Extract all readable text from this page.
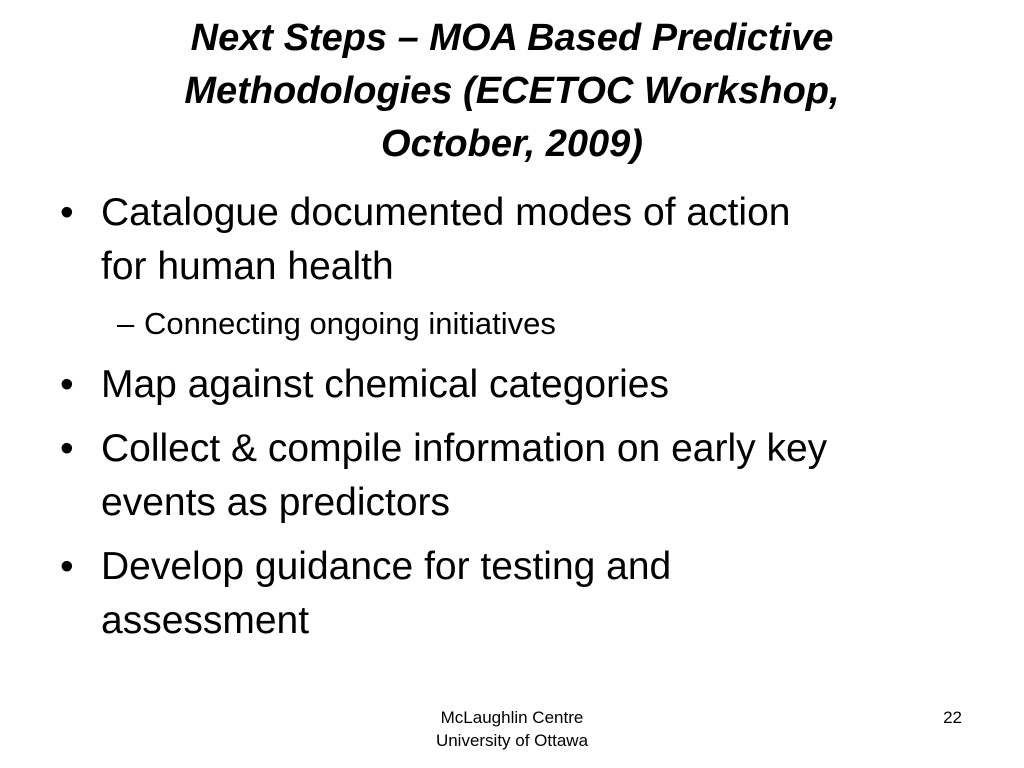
Next Steps – MOA Based Predictive
Methodologies (ECETOC Workshop,
October, 2009)
• Catalogue documented modes of action
for human health
– Connecting ongoing initiatives
• Map against chemical categories
• Collect & compile information on early key
events as predictors
• Develop guidance for testing and
assessment
McLaughlin Centre
University of Ottawa
22
